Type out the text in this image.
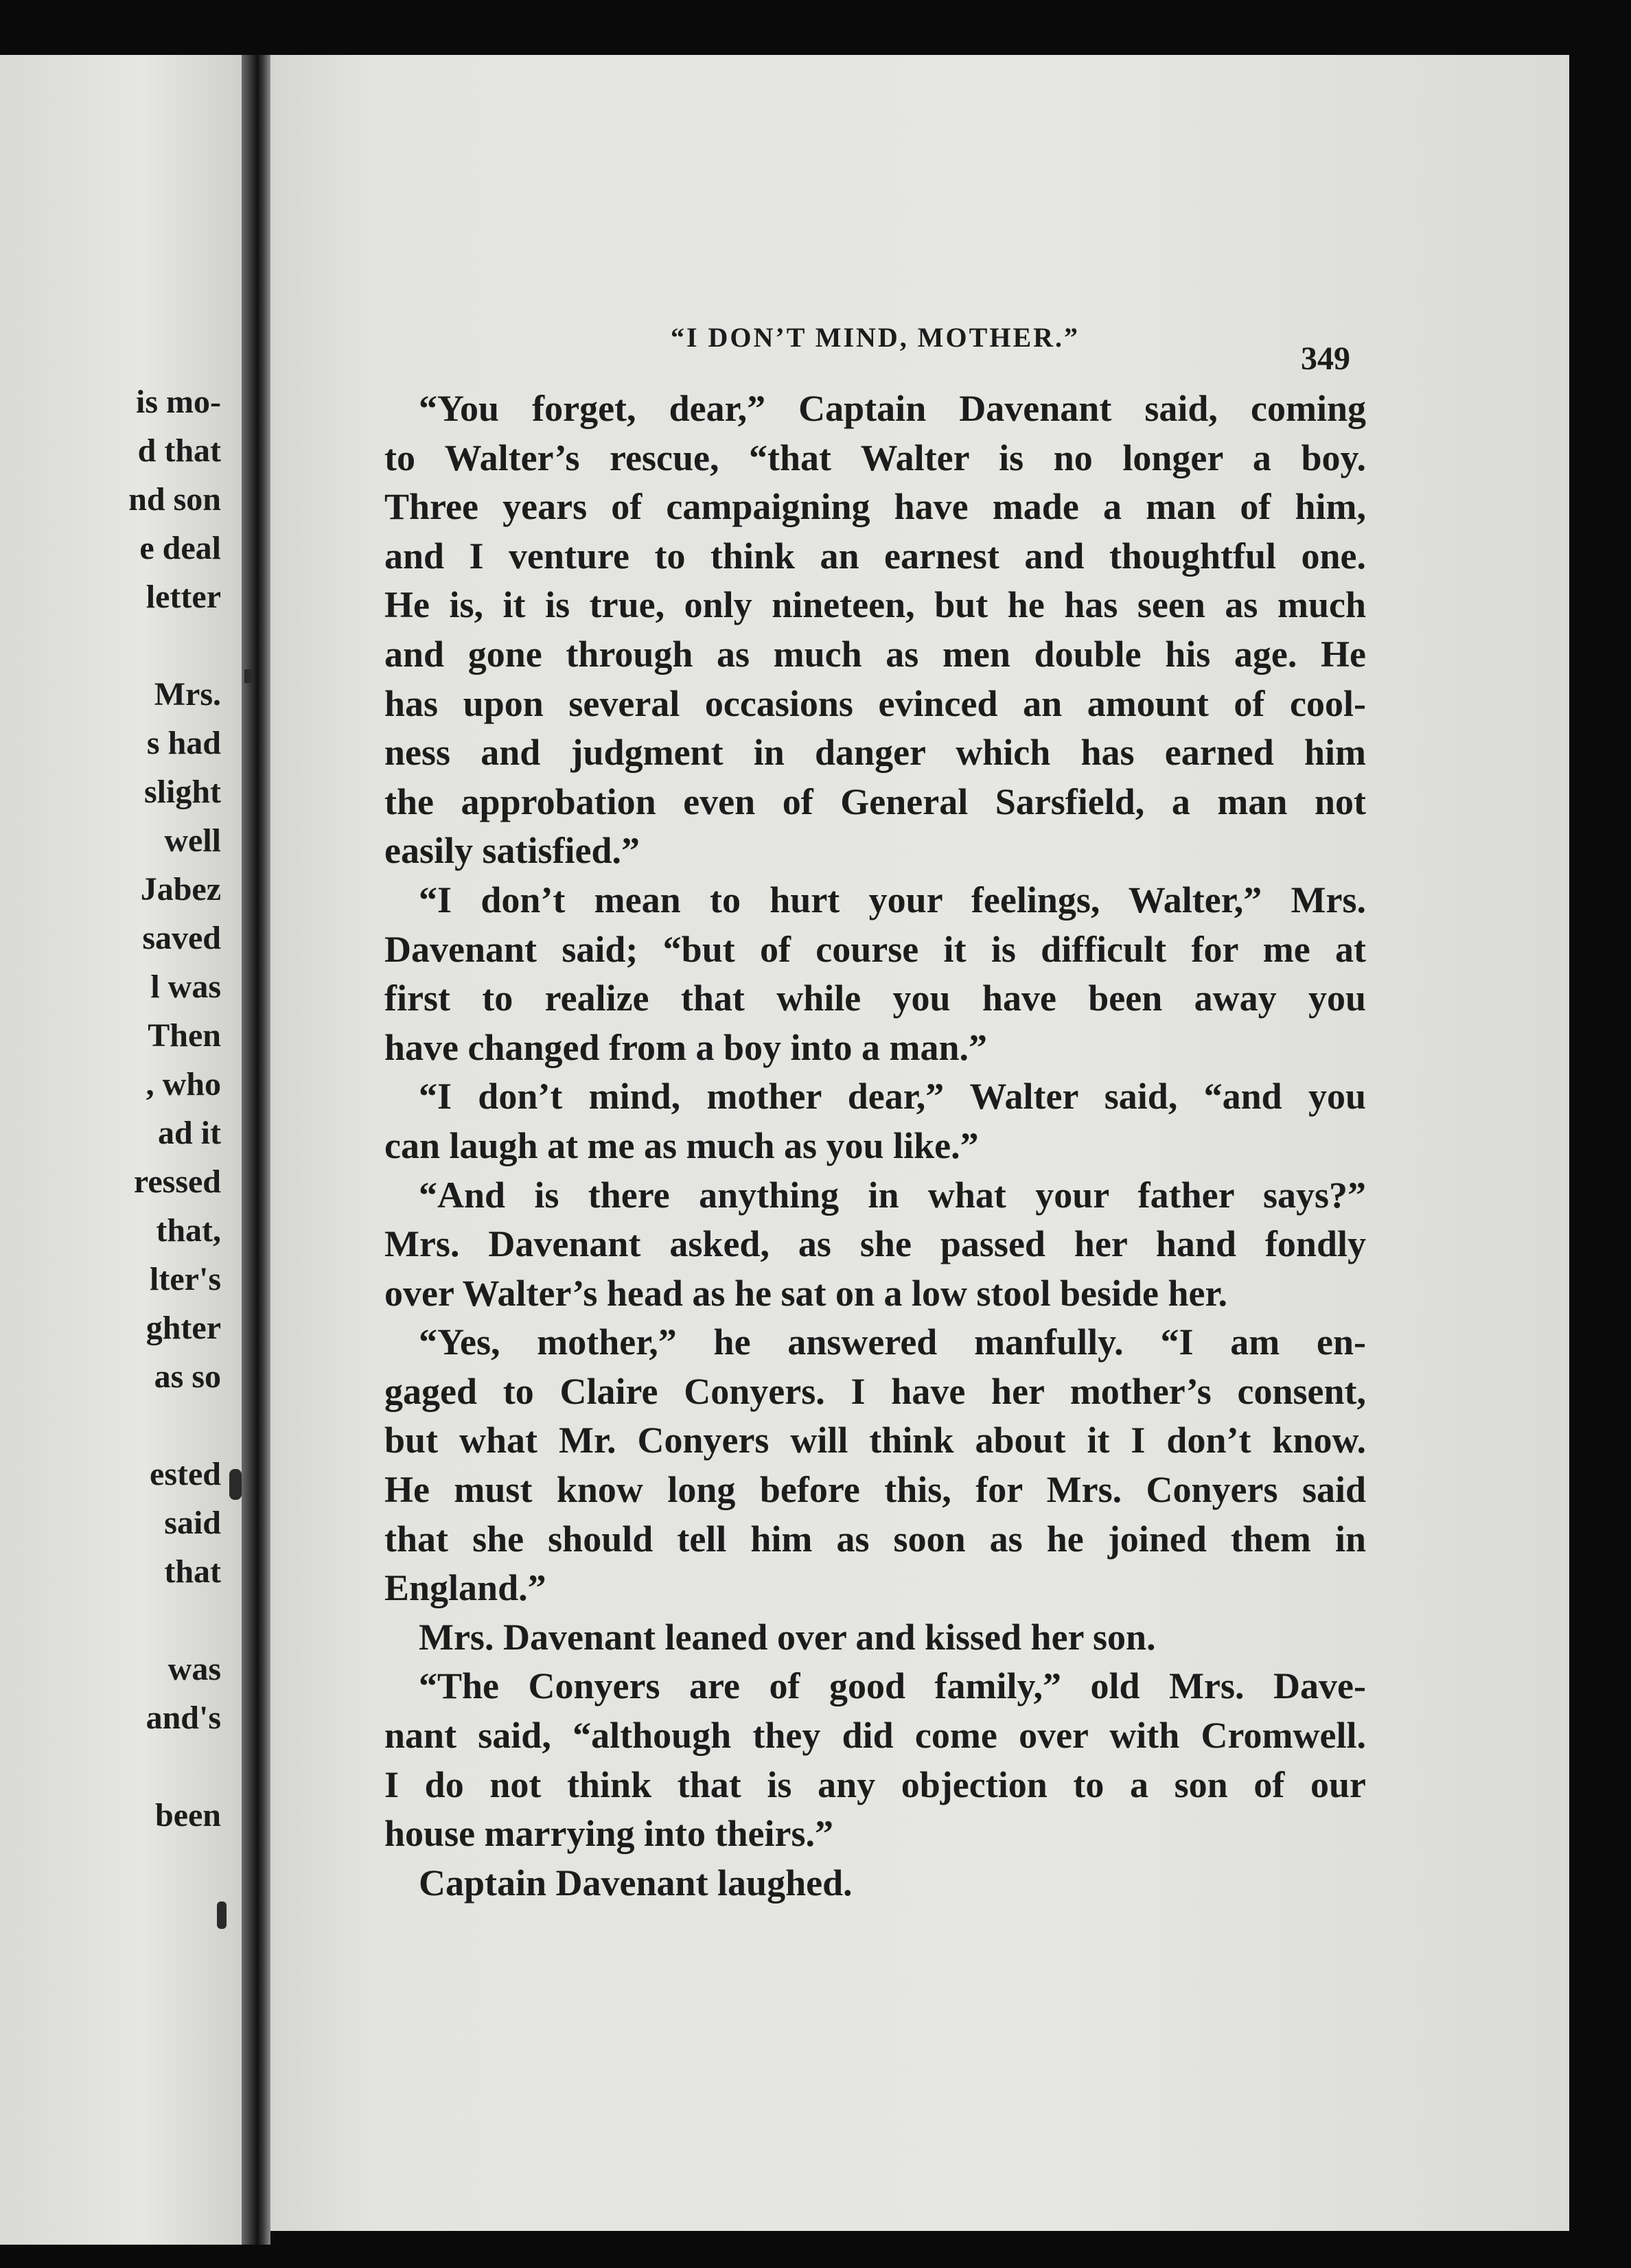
is mo-
d that
nd son
e deal
letter
Mrs.
s had
slight
well
Jabez
saved
l was
Then
, who
ad it
ressed
that,
lter's
ghter
as so
ested
said
that
was
and's
been
“I DON’T MIND, MOTHER.”
349
“You forget, dear,” Captain Davenant said, coming
to Walter’s rescue, “that Walter is no longer a boy.
Three years of campaigning have made a man of him,
and I venture to think an earnest and thoughtful one.
He is, it is true, only nineteen, but he has seen as much
and gone through as much as men double his age. He
has upon several occasions evinced an amount of cool-
ness and judgment in danger which has earned him
the approbation even of General Sarsfield, a man not
easily satisfied.”
“I don’t mean to hurt your feelings, Walter,” Mrs.
Davenant said; “but of course it is difficult for me at
first to realize that while you have been away you
have changed from a boy into a man.”
“I don’t mind, mother dear,” Walter said, “and you
can laugh at me as much as you like.”
“And is there anything in what your father says?”
Mrs. Davenant asked, as she passed her hand fondly
over Walter’s head as he sat on a low stool beside her.
“Yes, mother,” he answered manfully. “I am en-
gaged to Claire Conyers. I have her mother’s consent,
but what Mr. Conyers will think about it I don’t know.
He must know long before this, for Mrs. Conyers said
that she should tell him as soon as he joined them in
England.”
Mrs. Davenant leaned over and kissed her son.
“The Conyers are of good family,” old Mrs. Dave-
nant said, “although they did come over with Cromwell.
I do not think that is any objection to a son of our
house marrying into theirs.”
Captain Davenant laughed.
